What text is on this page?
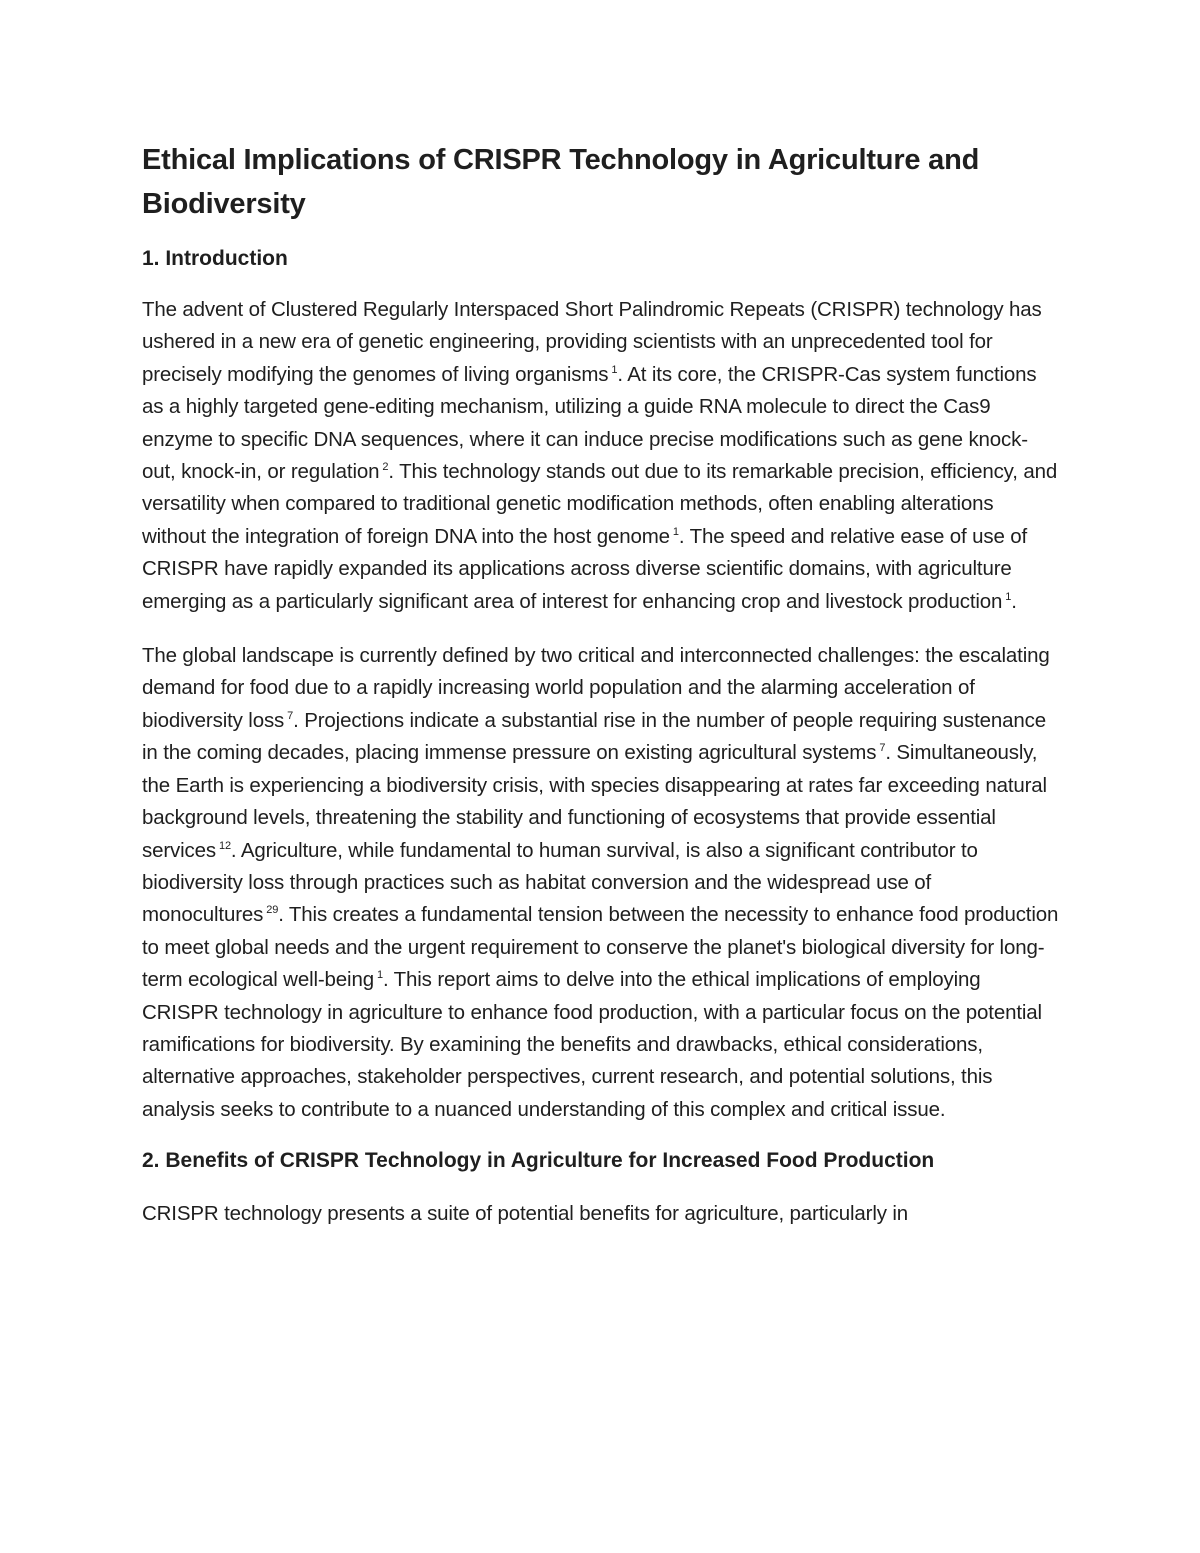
Ethical Implications of CRISPR Technology in Agriculture and Biodiversity
1. Introduction

The advent of Clustered Regularly Interspaced Short Palindromic Repeats (CRISPR) technology has ushered in a new era of genetic engineering, providing scientists with an unprecedented tool for precisely modifying the genomes of living organisms $^1$. At its core, the CRISPR-Cas system functions as a highly targeted gene-editing mechanism, utilizing a guide RNA molecule to direct the Cas9 enzyme to specific DNA sequences, where it can induce precise modifications such as gene knock-out, knock-in, or regulation $^2$. This technology stands out due to its remarkable precision, efficiency, and versatility when compared to traditional genetic modification methods, often enabling alterations without the integration of foreign DNA into the host genome $^1$. The speed and relative ease of use of CRISPR have rapidly expanded its applications across diverse scientific domains, with agriculture emerging as a particularly significant area of interest for enhancing crop and livestock production $^1$.

The global landscape is currently defined by two critical and interconnected challenges: the escalating demand for food due to a rapidly increasing world population and the alarming acceleration of biodiversity loss $^7$. Projections indicate a substantial rise in the number of people requiring sustenance in the coming decades, placing immense pressure on existing agricultural systems $^7$. Simultaneously, the Earth is experiencing a biodiversity crisis, with species disappearing at rates far exceeding natural background levels, threatening the stability and functioning of ecosystems that provide essential services $^{12}$. Agriculture, while fundamental to human survival, is also a significant contributor to biodiversity loss through practices such as habitat conversion and the widespread use of monocultures $^{29}$. This creates a fundamental tension between the necessity to enhance food production to meet global needs and the urgent requirement to conserve the planet's biological diversity for long-term ecological well-being $^1$. This report aims to delve into the ethical implications of employing CRISPR technology in agriculture to enhance food production, with a particular focus on the potential ramifications for biodiversity. By examining the benefits and drawbacks, ethical considerations, alternative approaches, stakeholder perspectives, current research, and potential solutions, this analysis seeks to contribute to a nuanced understanding of this complex and critical issue.

2. Benefits of CRISPR Technology in Agriculture for Increased Food Production

CRISPR technology presents a suite of potential benefits for agriculture, particularly in
